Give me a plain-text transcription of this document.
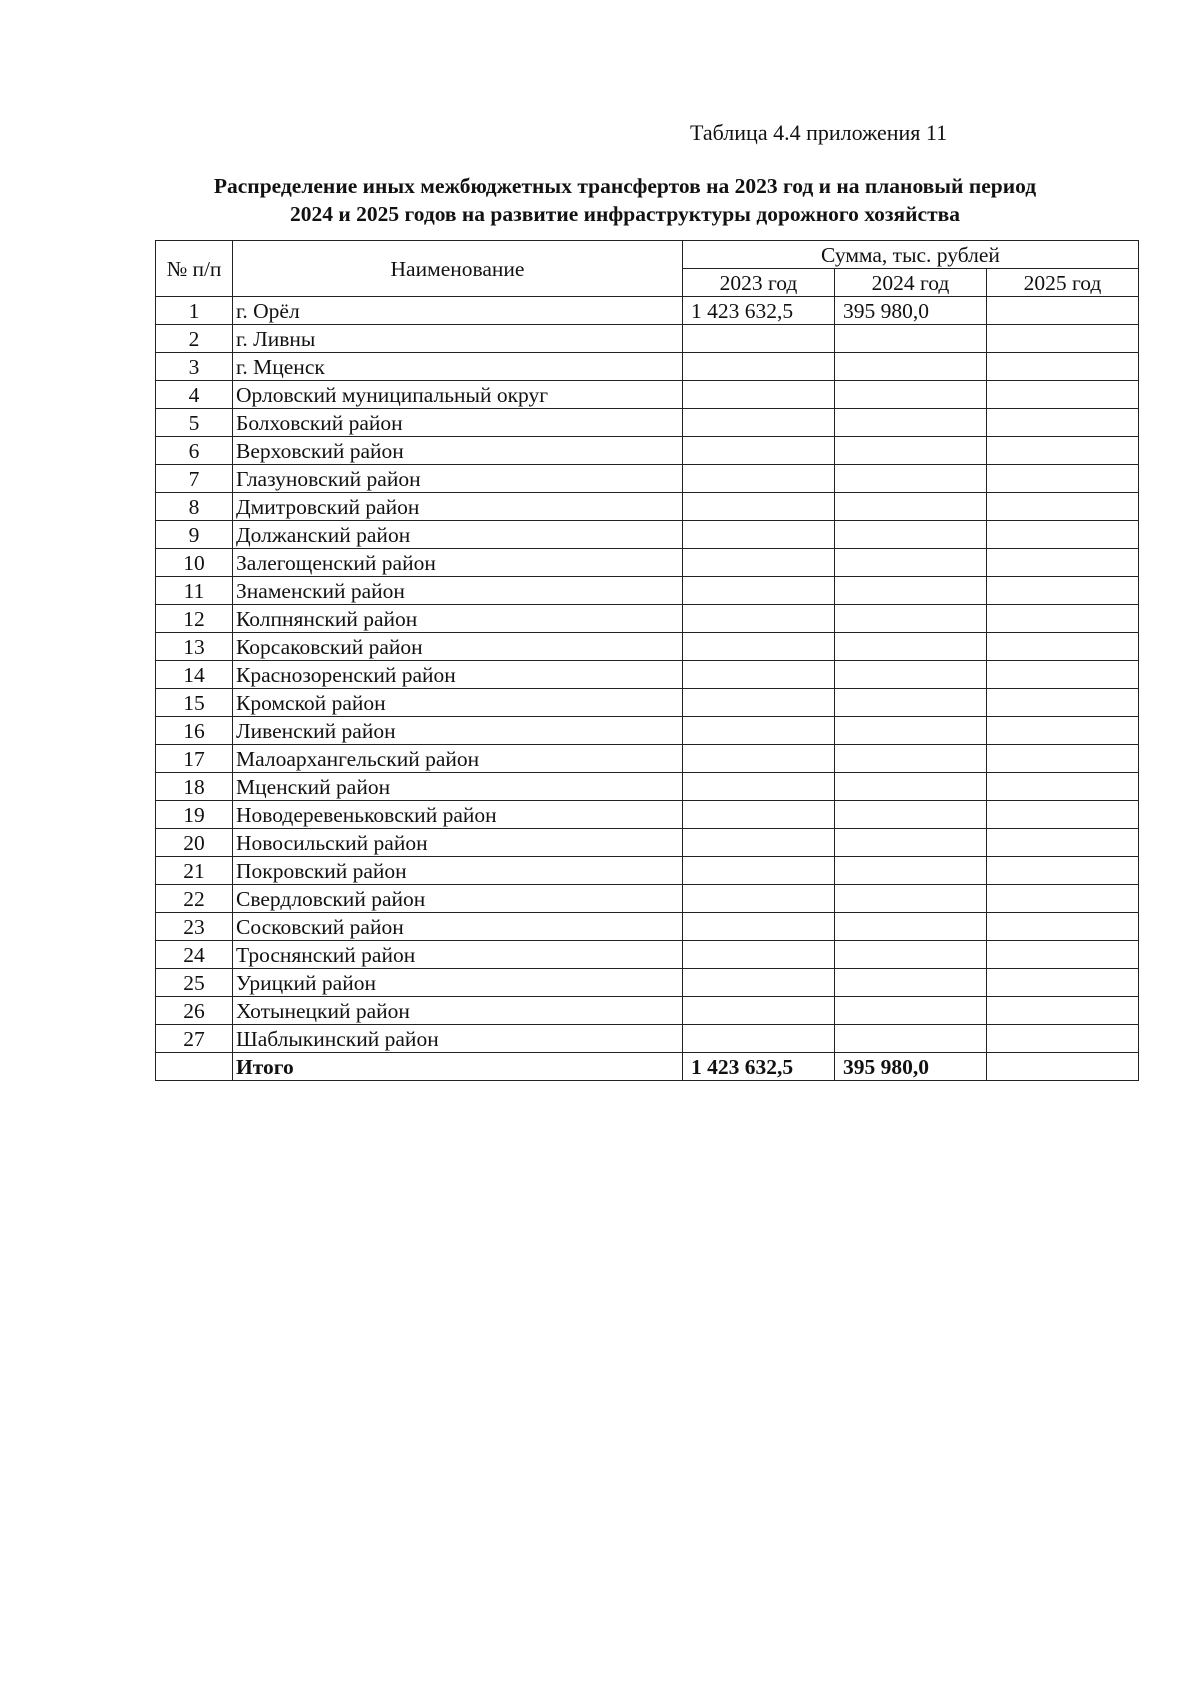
Таблица 4.4 приложения 11
Распределение иных межбюджетных трансфертов на 2023 год и на плановый период
2024 и 2025 годов на развитие инфраструктуры дорожного хозяйства
№ п/п	Наименование	Сумма, тыс. рублей		
		2023 год	2024 год	2025 год
1	г. Орёл	1 423 632,5	395 980,0	
2	г. Ливны			
3	г. Мценск			
4	Орловский муниципальный округ			
5	Болховский район			
6	Верховский район			
7	Глазуновский район			
8	Дмитровский район			
9	Должанский район			
10	Залегощенский район			
11	Знаменский район			
12	Колпнянский район			
13	Корсаковский район			
14	Краснозоренский район			
15	Кромской район			
16	Ливенский район			
17	Малоархангельский район			
18	Мценский район			
19	Новодеревеньковский район			
20	Новосильский район			
21	Покровский район			
22	Свердловский район			
23	Сосковский район			
24	Троснянский район			
25	Урицкий район			
26	Хотынецкий район			
27	Шаблыкинский район			
	Итого	1 423 632,5	395 980,0	
